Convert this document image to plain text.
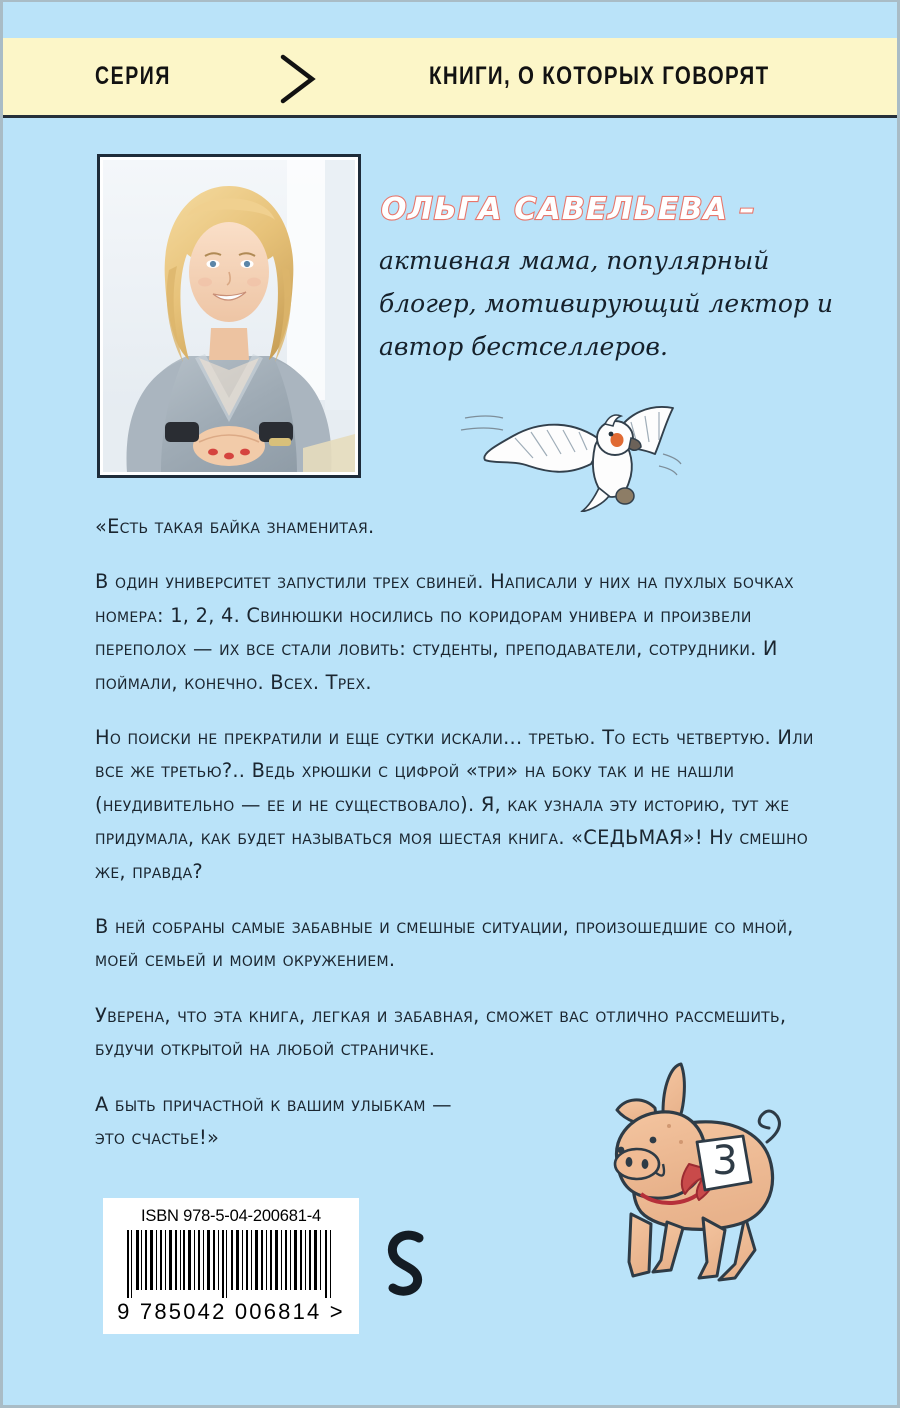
СЕРИЯ	КНИГИ, О КОТОРЫХ ГОВОРЯТ
ОЛЬГА САВЕЛЬЕВА –
активная мама, популярный блогер, мотивирующий лектор и автор бестселлеров.

«Есть такая байка знаменитая.

В один университет запустили трех свиней. Написали у них на пухлых бочках номера: 1, 2, 4. Свинюшки носились по коридорам универа и произвели переполох — их все стали ловить: студенты, преподаватели, сотрудники. И поймали, конечно. Всех. Трех.

Но поиски не прекратили и еще сутки искали... третью. То есть четвертую. Или все же третью?.. Ведь хрюшки с цифрой «три» на боку так и не нашли (неудивительно — ее и не существовало). Я, как узнала эту историю, тут же придумала, как будет называться моя шестая книга. «СЕДЬМАЯ»! Ну смешно же, правда?

В ней собраны самые забавные и смешные ситуации, произошедшие со мной, моей семьей и моим окружением.

Уверена, что эта книга, легкая и забавная, сможет вас отлично рассмешить, будучи открытой на любой страничке.

А быть причастной к вашим улыбкам —

это счастье!»

3
ISBN 978-5-04-200681-4
9 785042 006814 >
